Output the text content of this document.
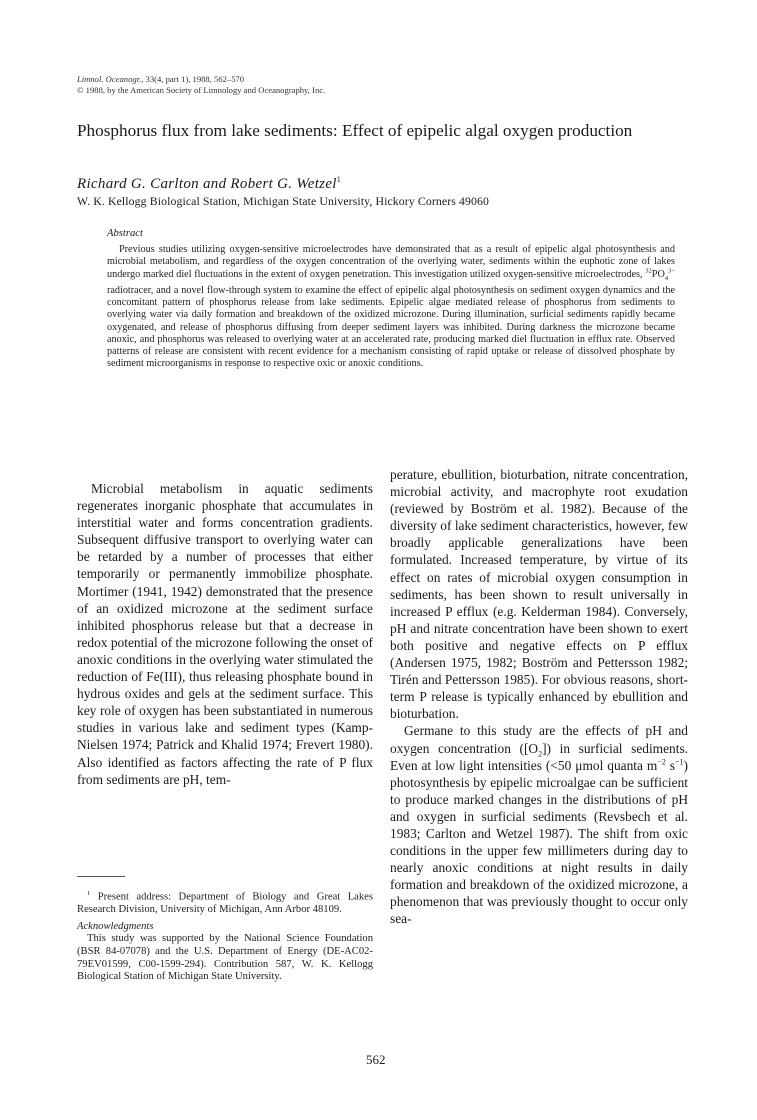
Limnol. Oceanogr., 33(4, part 1), 1988, 562–570
© 1988, by the American Society of Limnology and Oceanography, Inc.
Phosphorus flux from lake sediments: Effect of epipelic algal oxygen production
Richard G. Carlton and Robert G. Wetzel$^1$
W. K. Kellogg Biological Station, Michigan State University, Hickory Corners 49060
Abstract

Previous studies utilizing oxygen-sensitive microelectrodes have demonstrated that as a result of epipelic algal photosynthesis and microbial metabolism, and regardless of the oxygen concentration of the overlying water, sediments within the euphotic zone of lakes undergo marked diel fluctuations in the extent of oxygen penetration. This investigation utilized oxygen-sensitive microelectrodes, $^{32}PO_4^{3-}$ radiotracer, and a novel flow-through system to examine the effect of epipelic algal photosynthesis on sediment oxygen dynamics and the concomitant pattern of phosphorus release from lake sediments. Epipelic algae mediated release of phosphorus from sediments to overlying water via daily formation and breakdown of the oxidized microzone. During illumination, surficial sediments rapidly became oxygenated, and release of phosphorus diffusing from deeper sediment layers was inhibited. During darkness the microzone became anoxic, and phosphorus was released to overlying water at an accelerated rate, producing marked diel fluctuation in efflux rate. Observed patterns of release are consistent with recent evidence for a mechanism consisting of rapid uptake or release of dissolved phosphate by sediment microorganisms in response to respective oxic or anoxic conditions.

Microbial metabolism in aquatic sediments regenerates inorganic phosphate that accumulates in interstitial water and forms concentration gradients. Subsequent diffusive transport to overlying water can be retarded by a number of processes that either temporarily or permanently immobilize phosphate. Mortimer (1941, 1942) demonstrated that the presence of an oxidized microzone at the sediment surface inhibited phosphorus release but that a decrease in redox potential of the microzone following the onset of anoxic conditions in the overlying water stimulated the reduction of Fe(III), thus releasing phosphate bound in hydrous oxides and gels at the sediment surface. This key role of oxygen has been substantiated in numerous studies in various lake and sediment types (Kamp-Nielsen 1974; Patrick and Khalid 1974; Frevert 1980). Also identified as factors affecting the rate of P flux from sediments are pH, tem-

perature, ebullition, bioturbation, nitrate concentration, microbial activity, and macrophyte root exudation (reviewed by Boström et al. 1982). Because of the diversity of lake sediment characteristics, however, few broadly applicable generalizations have been formulated. Increased temperature, by virtue of its effect on rates of microbial oxygen consumption in sediments, has been shown to result universally in increased P efflux (e.g. Kelderman 1984). Conversely, pH and nitrate concentration have been shown to exert both positive and negative effects on P efflux (Andersen 1975, 1982; Boström and Pettersson 1982; Tirén and Pettersson 1985). For obvious reasons, short-term P release is typically enhanced by ebullition and bioturbation.

Germane to this study are the effects of pH and oxygen concentration $([O_2])$ in surficial sediments. Even at low light intensities (<50 μmol quanta $m^{-2}$ $s^{-1}$) photosynthesis by epipelic microalgae can be sufficient to produce marked changes in the distributions of pH and oxygen in surficial sediments (Revsbech et al. 1983; Carlton and Wetzel 1987). The shift from oxic conditions in the upper few millimeters during day to nearly anoxic conditions at night results in daily formation and breakdown of the oxidized microzone, a phenomenon that was previously thought to occur only sea-

$^1$ Present address: Department of Biology and Great Lakes Research Division, University of Michigan, Ann Arbor 48109.

Acknowledgments

This study was supported by the National Science Foundation (BSR 84-07078) and the U.S. Department of Energy (DE-AC02-79EV01599, C00-1599-294). Contribution 587, W. K. Kellogg Biological Station of Michigan State University.

562
